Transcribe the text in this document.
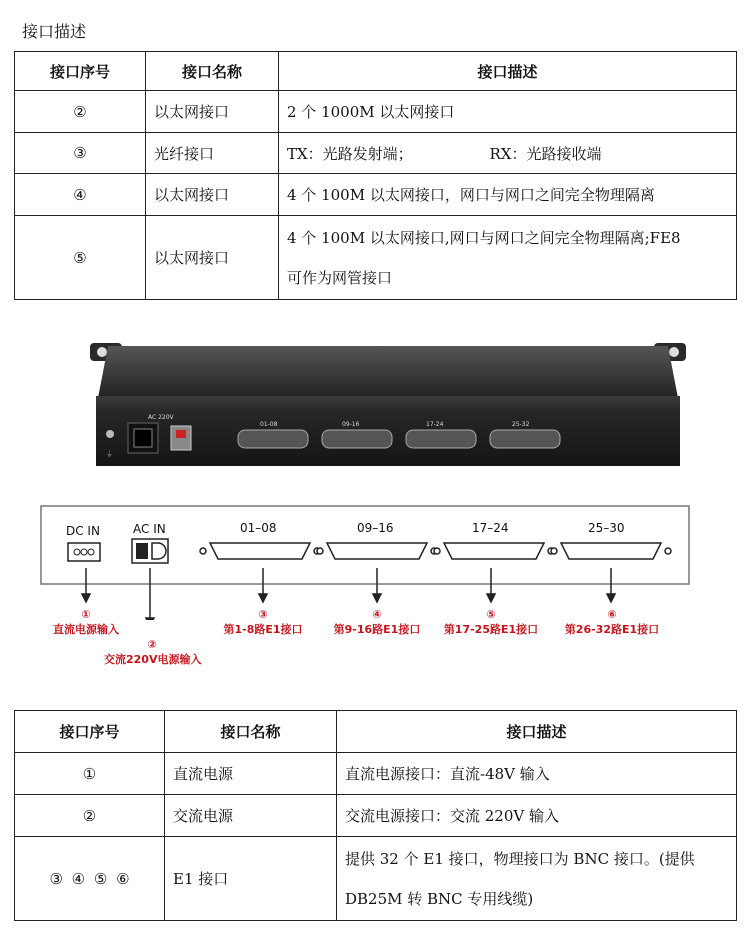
接口描述
接口序号	接口名称	接口描述
②	以太网接口	2 个 1000M 以太网接口
③	光纤接口	TX：光路发射端； RX：光路接收端
④	以太网接口	4 个 100M 以太网接口，网口与网口之间完全物理隔离
⑤	以太网接口	4 个 100M 以太网接口,网口与网口之间完全物理隔离;FE8
可作为网管接口
⏚
AC 220V
01-08	09-16	17-24	25-32
DC IN	AC IN	01–08	09–16	17–24	25–30
①
直流电源输入
②
交流220V电源输入
③
第1-8路E1接口
④
第9-16路E1接口
⑤
第17-25路E1接口
⑥
第26-32路E1接口
接口序号	接口名称	接口描述
①	直流电源	直流电源接口：直流-48V 输入
②	交流电源	交流电源接口：交流 220V 输入
③ ④ ⑤ ⑥	E1 接口	提供 32 个 E1 接口，物理接口为 BNC 接口。(提供
DB25M 转 BNC 专用线缆)
